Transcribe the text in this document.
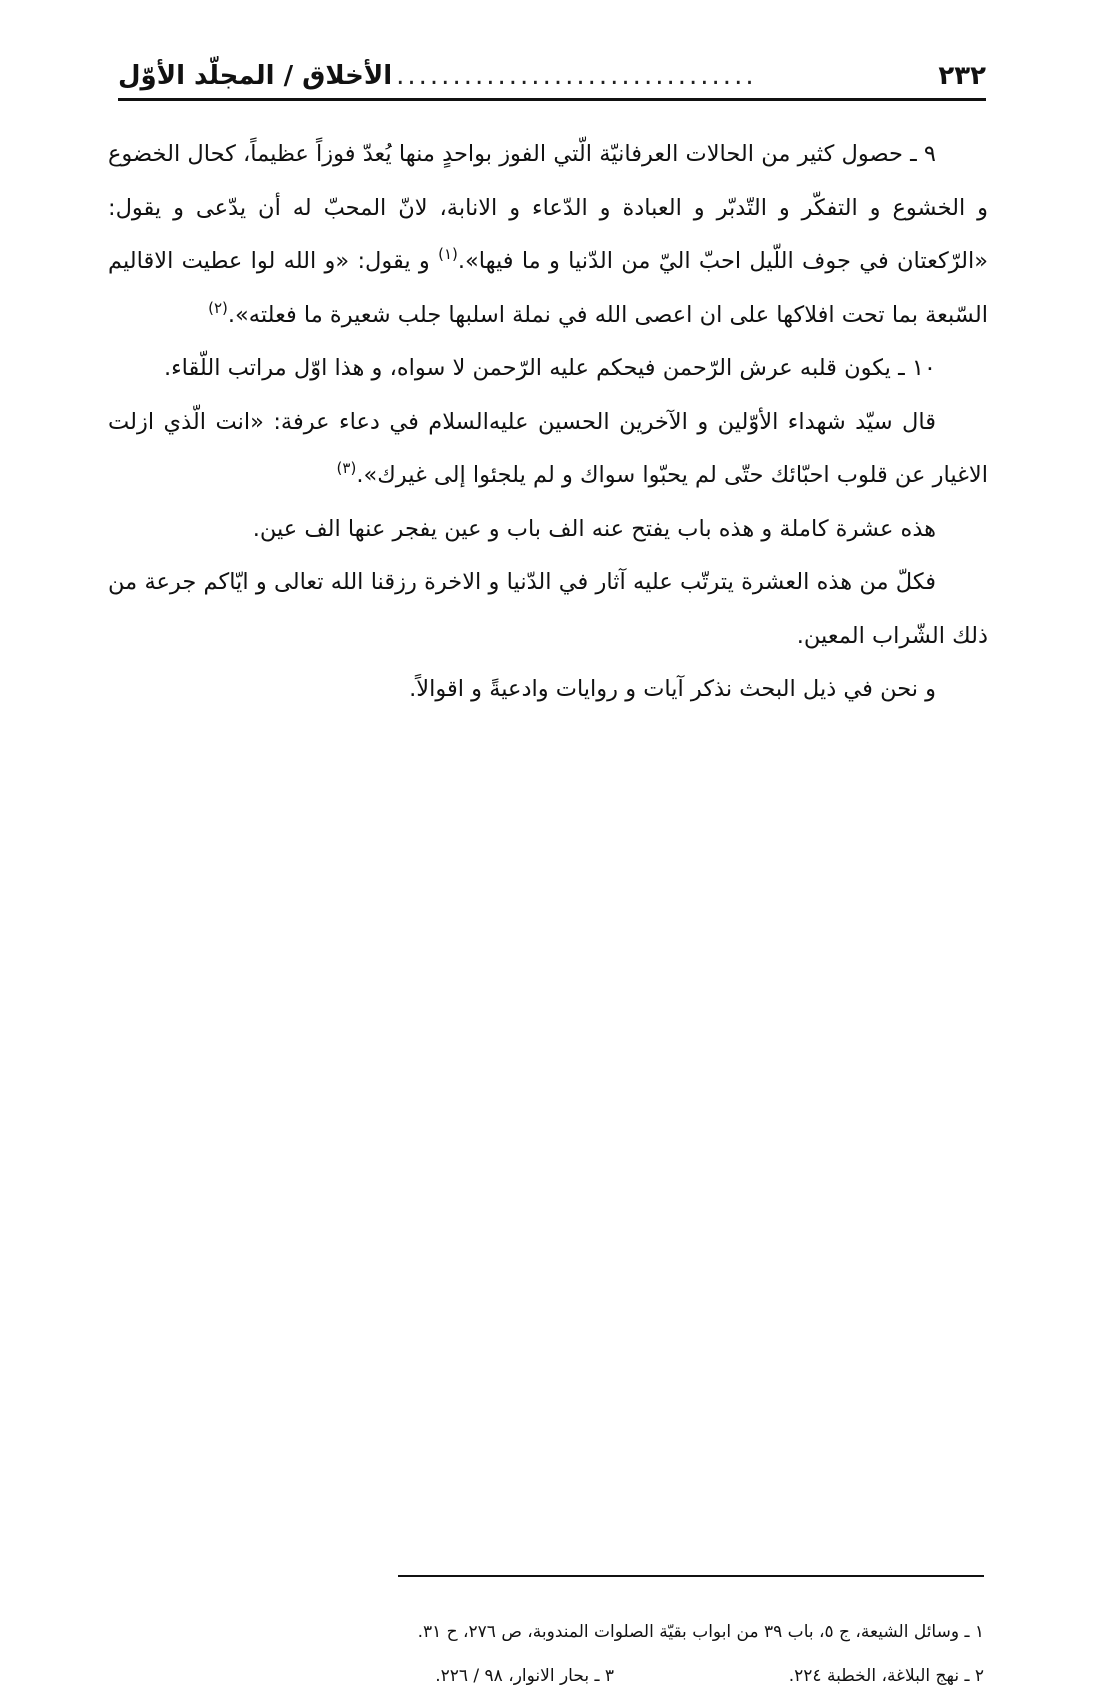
٢٣٢
................................
الأخلاق / المجلّد الأوّل

٩ ـ حصول كثير من الحالات العرفانيّة الّتي الفوز بواحدٍ منها يُعدّ فوزاً عظيماً، كحال الخضوع و الخشوع و التفكّر و التّدبّر و العبادة و الدّعاء و الانابة، لانّ المحبّ له أن يدّعى و يقول: «الرّكعتان في جوف اللّيل احبّ اليّ من الدّنيا و ما فيها».$^{(١)}$ و يقول: «و الله لوا عطيت الاقاليم السّبعة بما تحت افلاكها على ان اعصى الله في نملة اسلبها جلب شعيرة ما فعلته».$^{(٢)}$

١٠ ـ يكون قلبه عرش الرّحمن فيحكم عليه الرّحمن لا سواه، و هذا اوّل مراتب اللّقاء.

قال سيّد شهداء الأوّلين و الآخرين الحسين عليه‌السلام في دعاء عرفة: «انت الّذي ازلت الاغيار عن قلوب احبّائك حتّى لم يحبّوا سواك و لم يلجئوا إلى غيرك».$^{(٣)}$

هذه عشرة كاملة و هذه باب يفتح عنه الف باب و عين يفجر عنها الف عين.

فكلّ من هذه العشرة يترتّب عليه آثار في الدّنيا و الاخرة رزقنا الله تعالى و ايّاكم جرعة من ذلك الشّراب المعين.

و نحن في ذيل البحث نذكر آيات و روايات وادعيةً و اقوالاً.

١ ـ وسائل الشيعة، ج ٥، باب ٣٩ من ابواب بقيّة الصلوات المندوبة، ص ٢٧٦، ح ٣١.
٢ ـ نهج البلاغة، الخطبة ٢٢٤.٣ ـ بحار الانوار، ٩٨ / ٢٢٦.
